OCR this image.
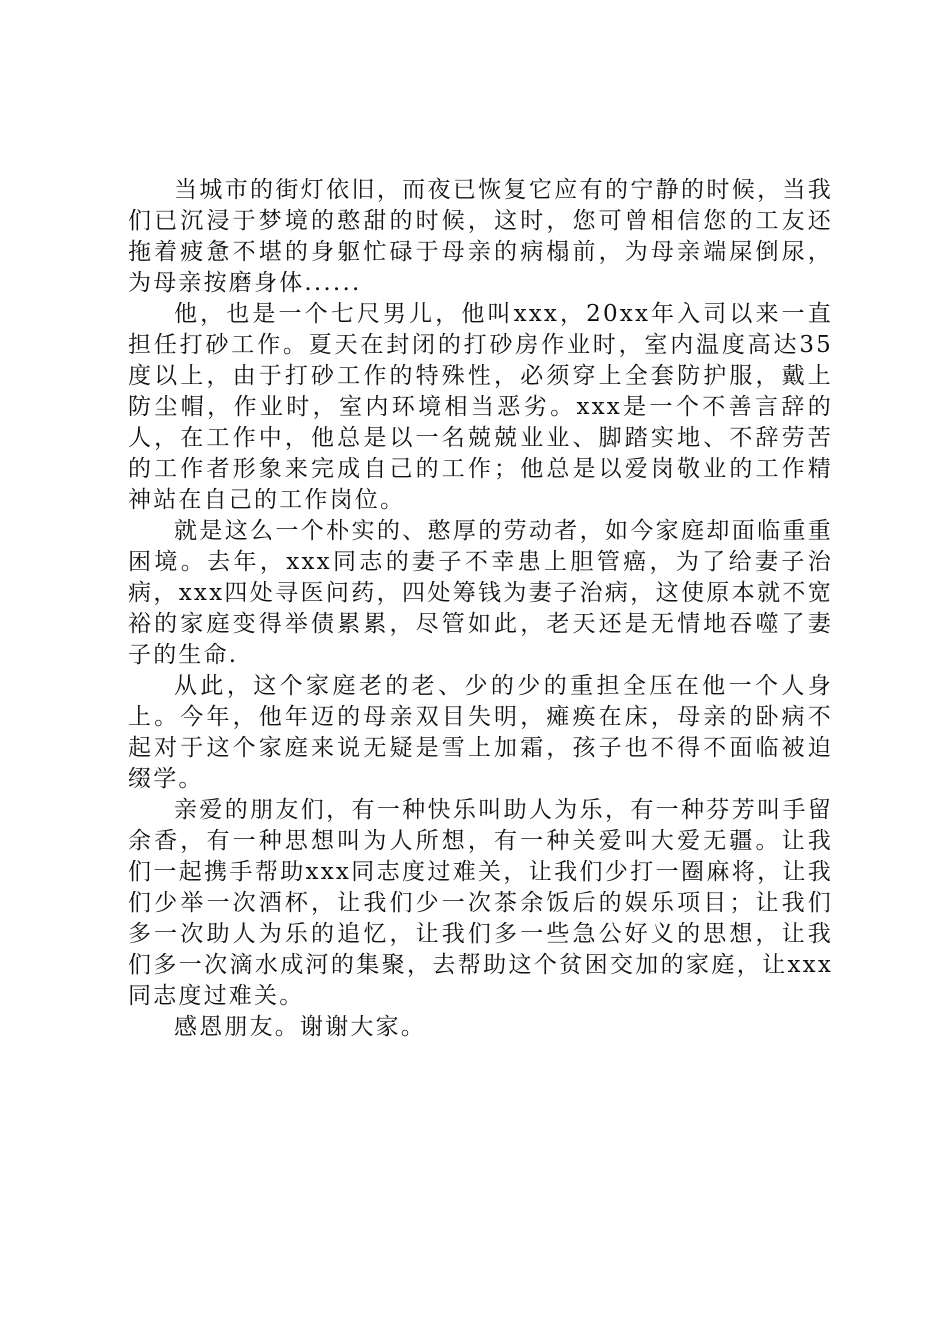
当城市的街灯依旧，而夜已恢复它应有的宁静的时候，当我们已沉浸于梦境的憨甜的时候，这时，您可曾相信您的工友还拖着疲惫不堪的身躯忙碌于母亲的病榻前，为母亲端屎倒尿，为母亲按磨身体......

他，也是一个七尺男儿，他叫xxx，20xx年入司以来一直担任打砂工作。夏天在封闭的打砂房作业时，室内温度高达35度以上，由于打砂工作的特殊性，必须穿上全套防护服，戴上防尘帽，作业时，室内环境相当恶劣。xxx是一个不善言辞的人，在工作中，他总是以一名兢兢业业、脚踏实地、不辞劳苦的工作者形象来完成自己的工作；他总是以爱岗敬业的工作精神站在自己的工作岗位。

就是这么一个朴实的、憨厚的劳动者，如今家庭却面临重重困境。去年，xxx同志的妻子不幸患上胆管癌，为了给妻子治病，xxx四处寻医问药，四处筹钱为妻子治病，这使原本就不宽裕的家庭变得举债累累，尽管如此，老天还是无情地吞噬了妻子的生命.

从此，这个家庭老的老、少的少的重担全压在他一个人身上。今年，他年迈的母亲双目失明，瘫痪在床，母亲的卧病不起对于这个家庭来说无疑是雪上加霜，孩子也不得不面临被迫缀学。

亲爱的朋友们，有一种快乐叫助人为乐，有一种芬芳叫手留余香，有一种思想叫为人所想，有一种关爱叫大爱无疆。让我们一起携手帮助xxx同志度过难关，让我们少打一圈麻将，让我们少举一次酒杯，让我们少一次茶余饭后的娱乐项目；让我们多一次助人为乐的追忆，让我们多一些急公好义的思想，让我们多一次滴水成河的集聚，去帮助这个贫困交加的家庭，让xxx同志度过难关。

感恩朋友。谢谢大家。
